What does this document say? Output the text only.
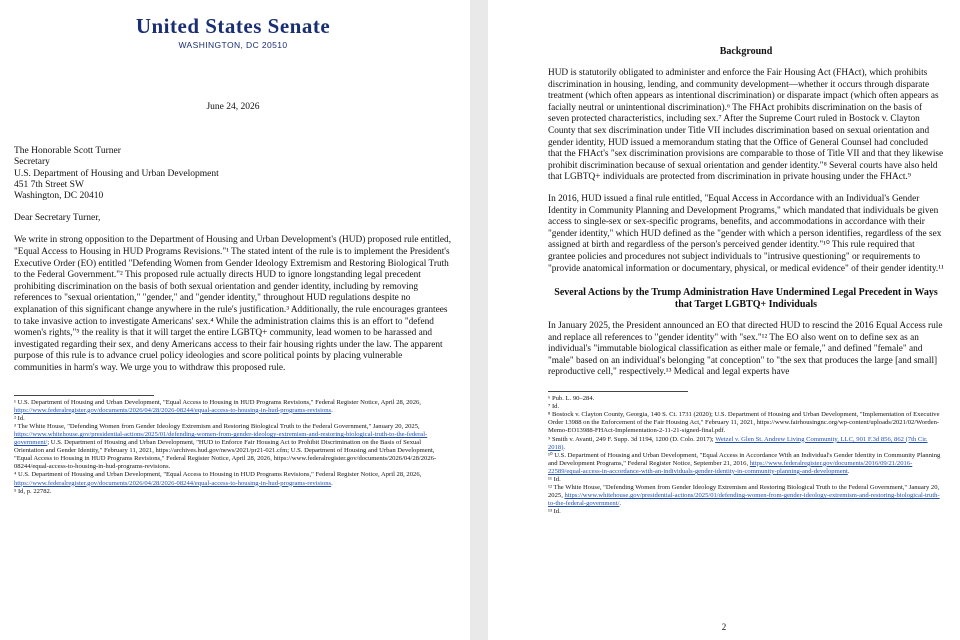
United States Senate
WASHINGTON, DC 20510
June 24, 2026
The Honorable Scott Turner
Secretary
U.S. Department of Housing and Urban Development
451 7th Street SW
Washington, DC 20410
Dear Secretary Turner,
We write in strong opposition to the Department of Housing and Urban Development's (HUD) proposed rule entitled, "Equal Access to Housing in HUD Programs Revisions."¹ The stated intent of the rule is to implement the President's Executive Order (EO) entitled "Defending Women from Gender Ideology Extremism and Restoring Biological Truth to the Federal Government."² This proposed rule actually directs HUD to ignore longstanding legal precedent prohibiting discrimination on the basis of both sexual orientation and gender identity, including by removing references to "sexual orientation," "gender," and "gender identity," throughout HUD regulations despite no explanation of this significant change anywhere in the rule's justification.³ Additionally, the rule encourages grantees to take invasive action to investigate Americans' sex.⁴ While the administration claims this is an effort to "defend women's rights,"⁵ the reality is that it will target the entire LGBTQ+ community, lead women to be harassed and investigated regarding their sex, and deny Americans access to their fair housing rights under the law. The apparent purpose of this rule is to advance cruel policy ideologies and score political points by placing vulnerable communities in harm's way. We urge you to withdraw this proposed rule.
¹ U.S. Department of Housing and Urban Development, "Equal Access to Housing in HUD Programs Revisions," Federal Register Notice, April 28, 2026, https://www.federalregister.gov/documents/2026/04/28/2026-08244/equal-access-to-housing-in-hud-programs-revisions.
² Id.
³ The White House, "Defending Women from Gender Ideology Extremism and Restoring Biological Truth to the Federal Government," January 20, 2025, https://www.whitehouse.gov/presidential-actions/2025/01/defending-women-from-gender-ideology-extremism-and-restoring-biological-truth-to-the-federal-government/; U.S. Department of Housing and Urban Development, "HUD to Enforce Fair Housing Act to Prohibit Discrimination on the Basis of Sexual Orientation and Gender Identity," February 11, 2021, https://archives.hud.gov/news/2021/pr21-021.cfm; U.S. Department of Housing and Urban Development, "Equal Access to Housing in HUD Programs Revisions," Federal Register Notice, April 28, 2026, https://www.federalregister.gov/documents/2026/04/28/2026-08244/equal-access-to-housing-in-hud-programs-revisions.
⁴ U.S. Department of Housing and Urban Development, "Equal Access to Housing in HUD Programs Revisions," Federal Register Notice, April 28, 2026, https://www.federalregister.gov/documents/2026/04/28/2026-08244/equal-access-to-housing-in-hud-programs-revisions.
⁵ Id, p. 22782.
Background
HUD is statutorily obligated to administer and enforce the Fair Housing Act (FHAct), which prohibits discrimination in housing, lending, and community development—whether it occurs through disparate treatment (which often appears as intentional discrimination) or disparate impact (which often appears as facially neutral or unintentional discrimination).⁶ The FHAct prohibits discrimination on the basis of seven protected characteristics, including sex.⁷ After the Supreme Court ruled in Bostock v. Clayton County that sex discrimination under Title VII includes discrimination based on sexual orientation and gender identity, HUD issued a memorandum stating that the Office of General Counsel had concluded that the FHAct's "sex discrimination provisions are comparable to those of Title VII and that they likewise prohibit discrimination because of sexual orientation and gender identity."⁸ Several courts have also held that LGBTQ+ individuals are protected from discrimination in private housing under the FHAct.⁹
In 2016, HUD issued a final rule entitled, "Equal Access in Accordance with an Individual's Gender Identity in Community Planning and Development Programs," which mandated that individuals be given access to single-sex or sex-specific programs, benefits, and accommodations in accordance with their "gender identity," which HUD defined as the "gender with which a person identifies, regardless of the sex assigned at birth and regardless of the person's perceived gender identity."¹⁰ This rule required that grantee policies and procedures not subject individuals to "intrusive questioning" or requirements to "provide anatomical information or documentary, physical, or medical evidence" of their gender identity.¹¹
Several Actions by the Trump Administration Have Undermined Legal Precedent in Ways that Target LGBTQ+ Individuals
In January 2025, the President announced an EO that directed HUD to rescind the 2016 Equal Access rule and replace all references to "gender identity" with "sex."¹² The EO also went on to define sex as an individual's "immutable biological classification as either male or female," and defined "female" and "male" based on an individual's belonging "at conception" to "the sex that produces the large [and small] reproductive cell," respectively.¹³ Medical and legal experts have
⁶ Pub. L. 90–284.
⁷ Id.
⁸ Bostock v. Clayton County, Georgia, 140 S. Ct. 1731 (2020); U.S. Department of Housing and Urban Development, "Implementation of Executive Order 13988 on the Enforcement of the Fair Housing Act," February 11, 2021, https://www.fairhousingnc.org/wp-content/uploads/2021/02/Worden-Memo-EO13988-FHAct-Implementation-2-11-21-signed-final.pdf.
⁹ Smith v. Avanti, 249 F. Supp. 3d 1194, 1200 (D. Colo. 2017); Wetzel v. Glen St. Andrew Living Community, LLC, 901 F.3d 856, 862 (7th Cir. 2018).
¹⁰ U.S. Department of Housing and Urban Development, "Equal Access in Accordance With an Individual's Gender Identity in Community Planning and Development Programs," Federal Register Notice, September 21, 2016, https://www.federalregister.gov/documents/2016/09/21/2016-22589/equal-access-in-accordance-with-an-individuals-gender-identity-in-community-planning-and-development.
¹¹ Id.
¹² The White House, "Defending Women from Gender Ideology Extremism and Restoring Biological Truth to the Federal Government," January 20, 2025, https://www.whitehouse.gov/presidential-actions/2025/01/defending-women-from-gender-ideology-extremism-and-restoring-biological-truth-to-the-federal-government/.
¹³ Id.
2
